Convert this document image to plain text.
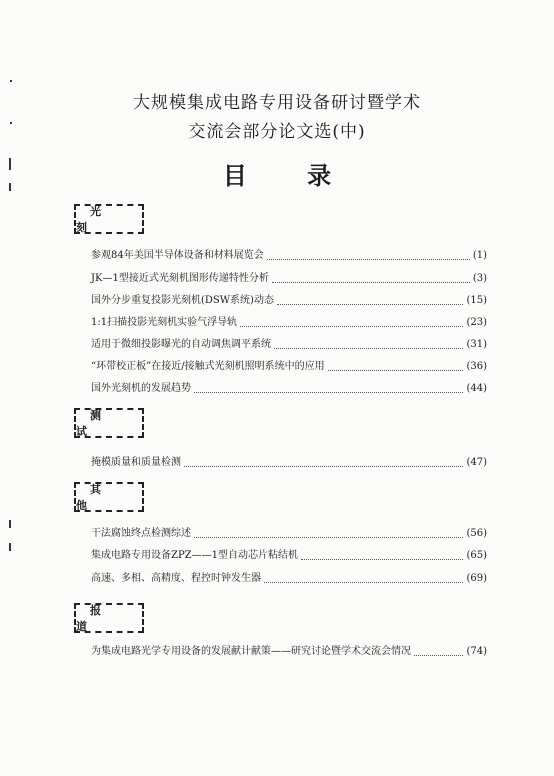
大规模集成电路专用设备研讨暨学术
交流会部分论文选(中)
目 录
光 刻
参观84年美国半导体设备和材料展览会	(1)
JK—1型接近式光刻机图形传递特性分析	(3)
国外分步重复投影光刻机(DSW系统)动态	(15)
1:1扫描投影光刻机实验气浮导轨	(23)
适用于微细投影曝光的自动调焦调平系统	(31)
“环带校正板”在接近/接触式光刻机照明系统中的应用	(36)
国外光刻机的发展趋势	(44)
测 试
掩模质量和质量检测	(47)
其 他
干法腐蚀终点检测综述	(56)
集成电路专用设备ZPZ——1型自动芯片粘结机	(65)
高速、多相、高精度、程控时钟发生器	(69)
报 道
为集成电路光学专用设备的发展献计献策——研究讨论暨学术交流会情况	(74)
